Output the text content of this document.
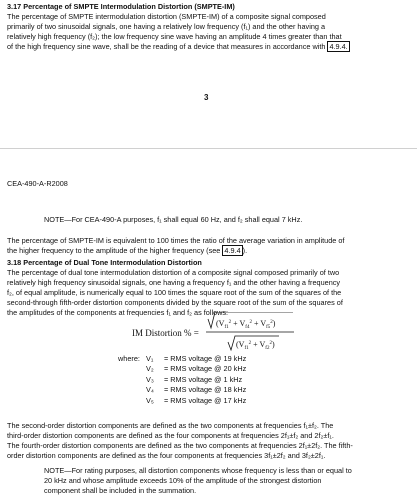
3.17 Percentage of SMPTE Intermodulation Distortion (SMPTE-IM)
The percentage of SMPTE intermodulation distortion (SMPTE-IM) of a composite signal composed
primarily of two sinusoidal signals, one having a relatively low frequency (f₁) and the other having a
relatively high frequency (f₂); the low frequency sine wave having an amplitude 4 times greater than that
of the high frequency sine wave, shall be the reading of a device that measures in accordance with 4.9.4.
3
CEA-490-A-R2008
NOTE—For CEA-490-A purposes, f₁ shall equal 60 Hz, and f₂ shall equal 7 kHz.
The percentage of SMPTE-IM is equivalent to 100 times the ratio of the average variation in amplitude of
the higher frequency to the amplitude of the higher frequency (see 4.9.4 ).
3.18 Percentage of Dual Tone Intermodulation Distortion
The percentage of dual tone intermodulation distortion of a composite signal composed primarily of two
relatively high frequency sinusoidal signals, one having a frequency f₁ and the other having a frequency
f₂, of equal amplitude, is numerically equal to 100 times the square root of the sum of the squares of the
second-through fifth-order distortion components divided by the square root of the sum of the squares of
the amplitudes of the components at frequencies f₁ and f₂ as follows:
IM Distortion % =
$(V_{f1}^2 + V_{f4}^2 + V_{f5}^2)$
$(V_{f1}^2 + V_{f2}^2)$
where: V₁	= RMS voltage @ 19 kHz
V₂	= RMS voltage @ 20 kHz
V₃	= RMS voltage @ 1 kHz
V₄	= RMS voltage @ 18 kHz
V₅	= RMS voltage @ 17 kHz
The second-order distortion components are defined as the two components at frequencies f₁±f₂. The
third-order distortion components are defined as the four components at frequencies 2f₁±f₂ and 2f₂±f₁.
The fourth-order distortion components are defined as the two components at frequencies 2f₁±2f₂. The fifth-
order distortion components are defined as the four components at frequencies 3f₁±2f₂ and 3f₂±2f₁.
NOTE—For rating purposes, all distortion components whose frequency is less than or equal to
20 kHz and whose amplitude exceeds 10% of the amplitude of the strongest distortion
component shall be included in the summation.
